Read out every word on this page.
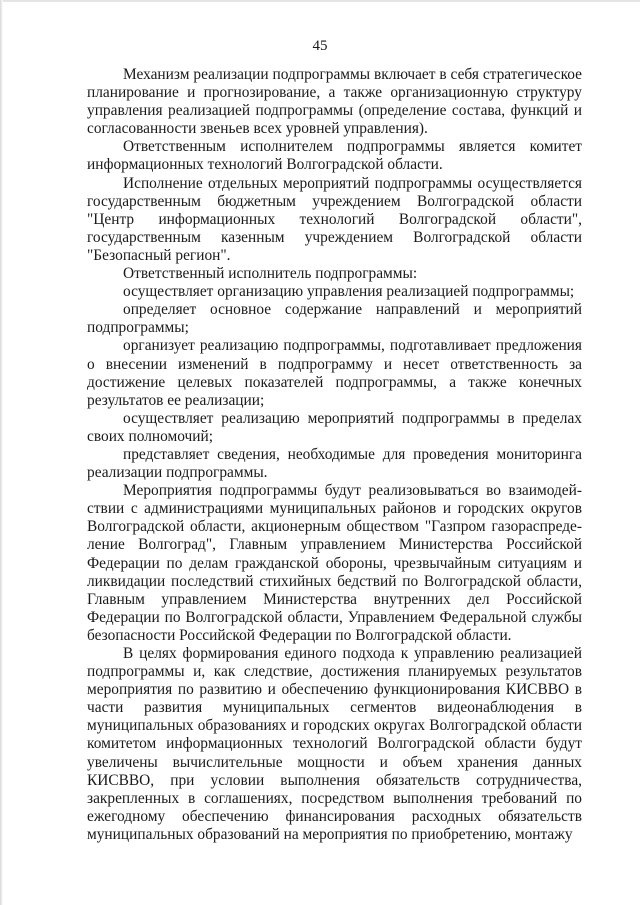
45

Механизм реализации подпрограммы включает в себя стратегическое планирование и прогнозирование, а также организационную структуру управления реализацией подпрограммы (определение состава, функций и согласованности звеньев всех уровней управления).

Ответственным исполнителем подпрограммы является комитет информационных технологий Волгоградской области.

Исполнение отдельных мероприятий подпрограммы осуществляется государственным бюджетным учреждением Волгоградской области "Центр информационных технологий Волгоградской области", государственным казенным учреждением Волгоградской области "Безопасный регион".

Ответственный исполнитель подпрограммы:

осуществляет организацию управления реализацией подпрограммы;

определяет основное содержание направлений и мероприятий подпрограммы;

организует реализацию подпрограммы, подготавливает предложения о внесении изменений в подпрограмму и несет ответственность за достижение целевых показателей подпрограммы, а также конечных результатов ее реализации;

осуществляет реализацию мероприятий подпрограммы в пределах своих полномочий;

представляет сведения, необходимые для проведения мониторинга реализации подпрограммы.

Мероприятия подпрограммы будут реализовываться во взаимодействии с администрациями муниципальных районов и городских округов Волгоградской области, акционерным обществом "Газпром газораспределение Волгоград", Главным управлением Министерства Российской Федерации по делам гражданской обороны, чрезвычайным ситуациям и ликвидации последствий стихийных бедствий по Волгоградской области, Главным управлением Министерства внутренних дел Российской Федерации по Волгоградской области, Управлением Федеральной службы безопасности Российской Федерации по Волгоградской области.

В целях формирования единого подхода к управлению реализацией подпрограммы и, как следствие, достижения планируемых результатов мероприятия по развитию и обеспечению функционирования КИСВВО в части развития муниципальных сегментов видеонаблюдения в муниципальных образованиях и городских округах Волгоградской области комитетом информационных технологий Волгоградской области будут увеличены вычислительные мощности и объем хранения данных КИСВВО, при условии выполнения обязательств сотрудничества, закрепленных в соглашениях, посредством выполнения требований по ежегодному обеспечению финансирования расходных обязательств муниципальных образований на мероприятия по приобретению, монтажу
